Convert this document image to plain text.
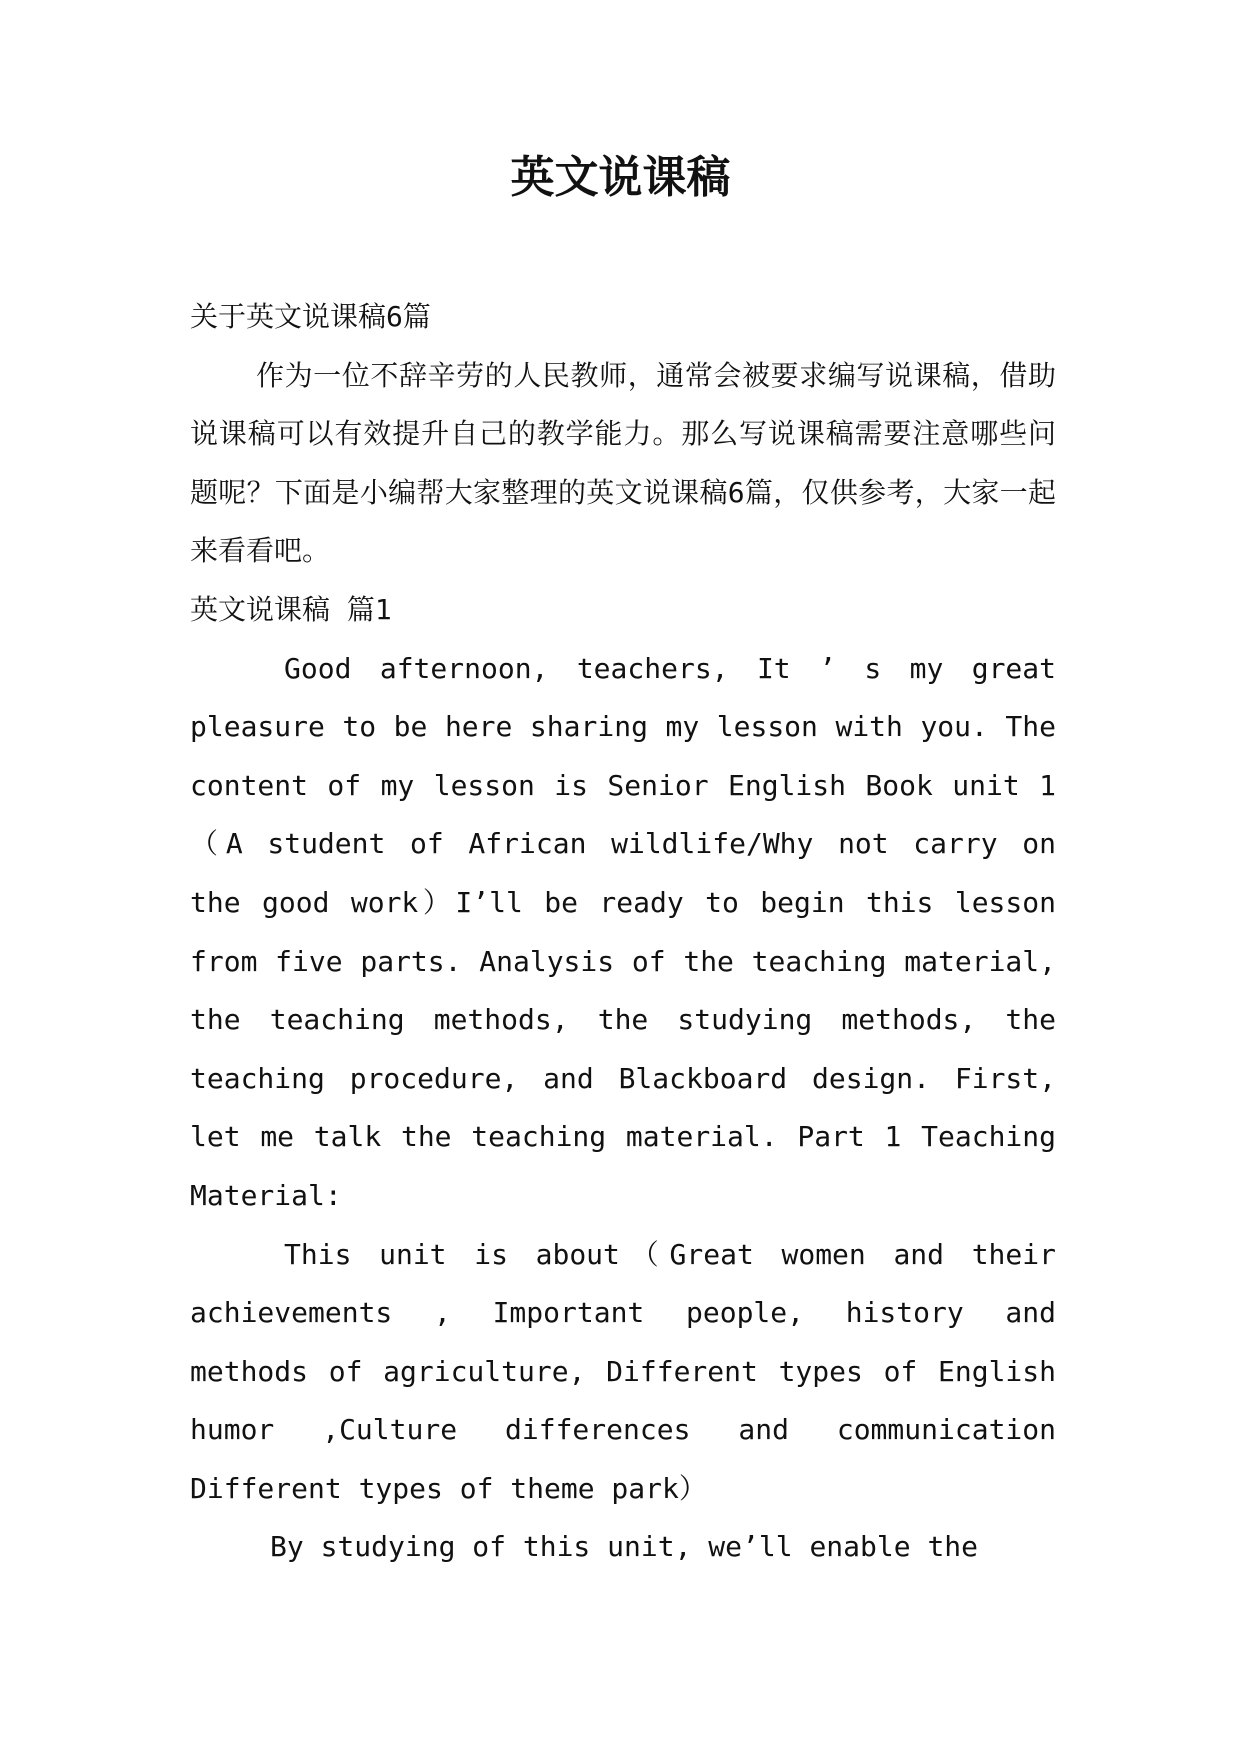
英文说课稿

关于英文说课稿6篇

作为一位不辞辛劳的人民教师，通常会被要求编写说课稿，借助说课稿可以有效提升自己的教学能力。那么写说课稿需要注意哪些问题呢？下面是小编帮大家整理的英文说课稿6篇，仅供参考，大家一起来看看吧。

英文说课稿 篇1

Good afternoon, teachers, It ’ s my great pleasure to be here sharing my lesson with you. The content of my lesson is Senior English Book unit 1 （A student of African wildlife/Why not carry on the good work）I’ll be ready to begin this lesson from five parts. Analysis of the teaching material, the teaching methods, the studying methods, the teaching procedure, and Blackboard design. First, let me talk the teaching material. Part 1 Teaching Material:

This unit is about（Great women and their achievements , Important people, history and methods of agriculture, Different types of English humor ,Culture differences and communication Different types of theme park）

By studying of this unit, we’ll enable the
